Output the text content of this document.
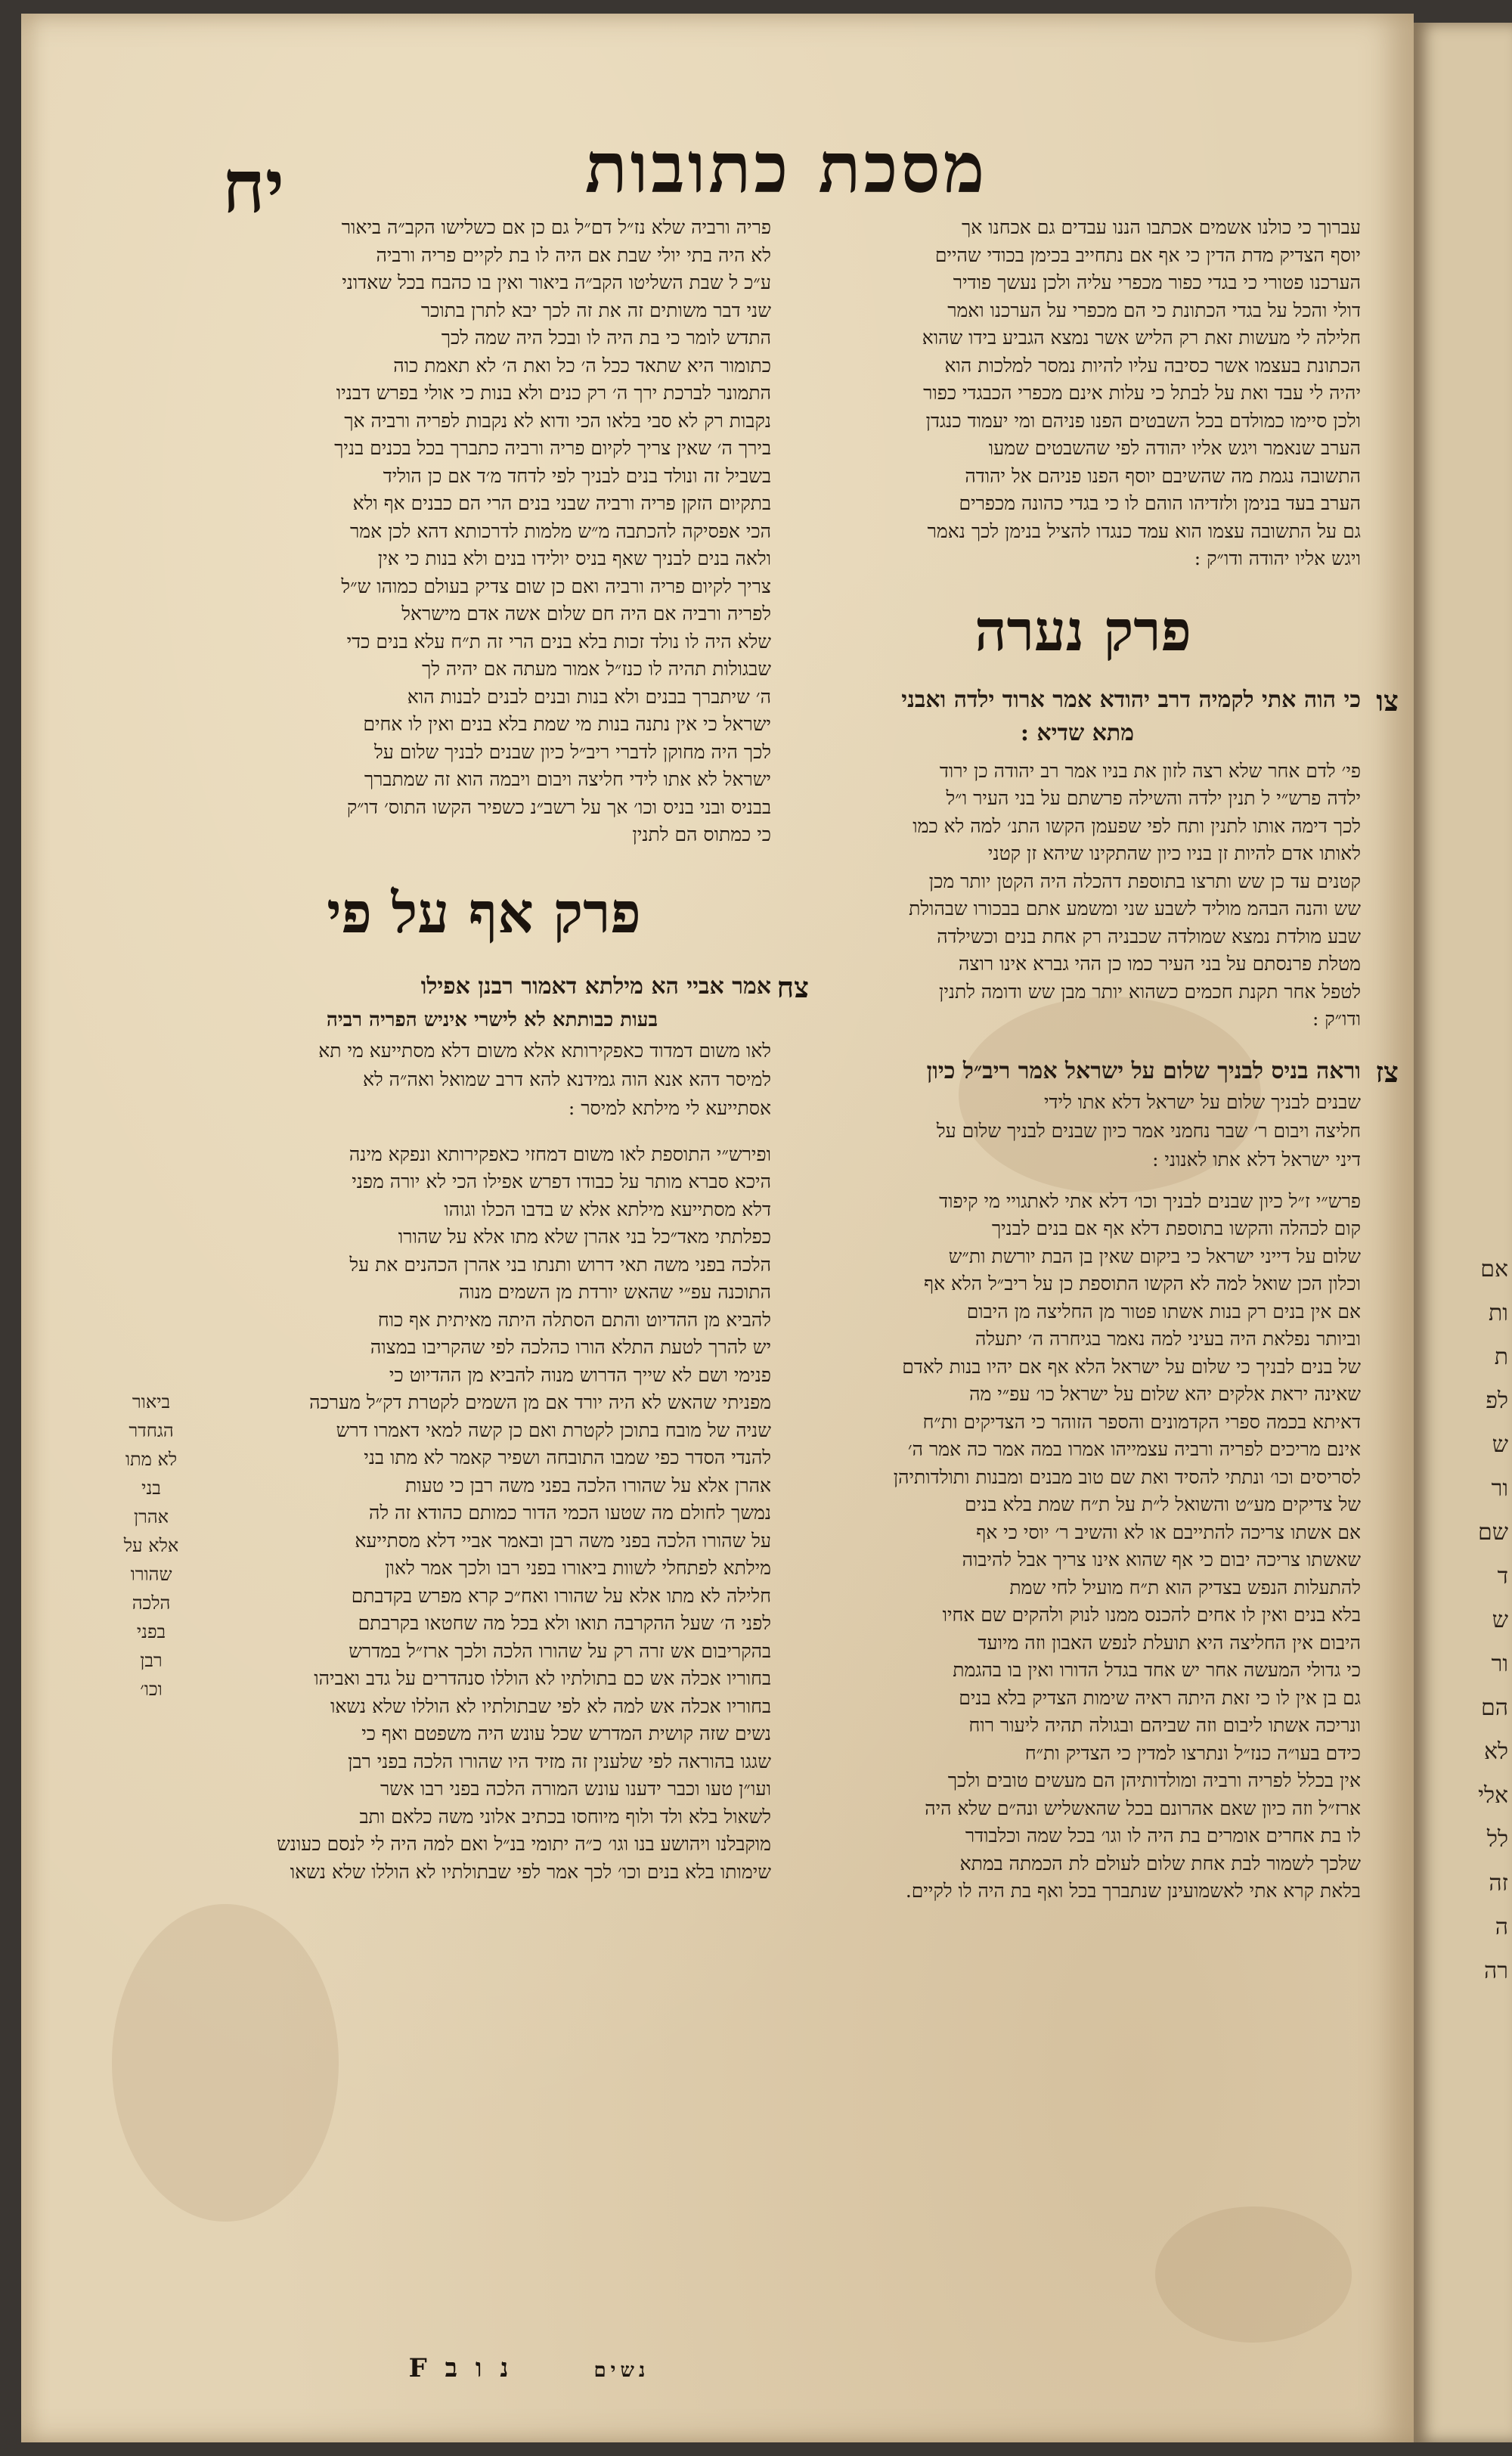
אם
ות
ת
לפ
ש
ור
שם
ד
ש
ור
הם
לא
אלי
לל
זה
ה
רה
מסכת כתובות
יח	עברוך כי כולנו אשמים אכתבו הננו עבדים גם אכחנו אך
יוסף הצדיק מדת הדין כי אף אם נתחייב בכימן בכודי שהיים
הערכנו פטורי כי בגדי כפור מכפרי עליה ולכן נעשך פודיר
דולי והכל על בגדי הכתונת כי הם מכפרי על הערכנו ואמר
חלילה לי מעשות זאת רק הליש אשר נמצא הגביע בידו שהוא
הכתונת בעצמו אשר כסיבה עליו להיות נמסר למלכות הוא
יהיה לי עבד ואת על לבתל כי עלות אינם מכפרי הכבגדי כפור
ולכן סיימו כמולדם בכל השבטים הפנו פניהם ומי יעמוד כנגדן
הערב שנאמר ויגש אליו יהודה לפי שהשבטים שמעו
התשובה נגמת מה שהשיבם יוסף הפנו פניהם אל יהודה
הערב בעד בנימן ולזדיהו הוהם לו כי בגדי כהונה מכפרים
גם על התשובה עצמו הוא עמד כנגדו להציל בנימן לכך נאמר
ויגש אליו יהודה ודו״ק :
פרק נערה
צו
כי הוה אתי לקמיה דרב יהודא אמר ארוד ילדה ואבני
מתא שדיא :
פי׳ לדם אחר שלא רצה לזון את בניו אמר רב יהודה כן ירוד
ילדה פרש״י ל תנין ילדה והשילה פרשתם על בני העיר ו״ל
לכך דימה אותו לתנין ותח לפי שפעמן הקשו התנ׳ למה לא כמו
לאותו אדם להיות זן בניו כיון שהתקינו שיהא זן קטני
קטנים עד כן שש ותרצו בתוספת דהכלה היה הקטן יותר מכן
שש והנה הבהמ מוליד לשבע שני ומשמע אתם בבכורו שבהולת
שבע מולדת נמצא שמולדה שכבניה רק אחת בנים וכשילדה
מטלת פרנסתם על בני העיר כמו כן ההי גברא אינו רוצה
לטפל אחר תקנת חכמים כשהוא יותר מבן שש ודומה לתנין
ודו״ק :
צז
וראה בניס לבניך שלום על ישראל אמר ריב״ל כיון
שבנים לבניך שלום על ישראל דלא אתו לידי
חליצה ויבום ר׳ שבר נחמני אמר כיון שבנים לבניך שלום על
דיני ישראל דלא אתו לאנוני :
פרש״י ז״ל כיון שבנים לבניך וכו׳ דלא אתי לאתגויי מי קיפוד
קום לכהלה והקשו בתוספת דלא אף אם בנים לבניך
שלום על דייני ישראל כי ביקום שאין בן הבת יורשת ות״ש
וכלון הכן שואל למה לא הקשו התוספת כן על ריב״ל הלא אף
אם אין בנים רק בנות אשתו פטור מן החליצה מן היבום
וביותר נפלאת היה בעיני למה נאמר בגיחרה ה׳ יתעלה
של בנים לבניך כי שלום על ישראל הלא אף אם יהיו בנות לאדם
שאינה יראת אלקים יהא שלום על ישראל כו׳ עפ״י מה
דאיתא בכמה ספרי הקדמונים והספר הזוהר כי הצדיקים ות״ח
אינם מריכים לפריה ורביה עצמייהו אמרו במה אמר כה אמר ה׳
לסריסים וכו׳ ונתתי להסיד ואת שם טוב מבנים ומבנות ותולדותיהן
של צדיקים מע״ט והשואל ל״ת על ת״ח שמת בלא בנים
אם אשתו צריכה להתייבם או לא והשיב ר׳ יוסי כי אף
שאשתו צריכה יבום כי אף שהוא אינו צריך אבל להיבוה
להתעלות הנפש בצדיק הוא ת״ח מועיל לחי שמת
בלא בנים ואין לו אחים להכנס ממנו לנוק ולהקים שם אחיו
היבום אין החליצה היא תועלת לנפש האבון וזה מיועד
כי גדולי המעשה אחר יש אחד בגדל הדורו ואין בו בהגמת
גם בן אין לו כי זאת היתה ראיה שימות הצדיק בלא בנים
ונריכה אשתו ליבום וזה שביהם ובגולה תהיה ליעור רוח
כידם בעו״ה כנז״ל ונתרצו למדין כי הצדיק ות״ח
אין בכלל לפריה ורביה ומולדותיהן הם מעשים טובים ולכך
ארז״ל וזה כיון שאם אהרונם בכל שהאשליש ונה״ם שלא היה
לו בת אחרים אומרים בת היה לו וגו׳ בכל שמה וכלבודר
שלכך לשמור לבת אחת שלום לעולם לת הכמתה במתא
בלאת קרא אתי לאשמועינן שנתברך בכל ואף בת היה לו לקיים.
פריה ורביה שלא נז״ל דם״ל גם כן אם כשלישו הקב״ה ביאור
לא היה בתי יולי שבת אם היה לו בת לקיים פריה ורביה
ע״כ ל שבת השליטו הקב״ה ביאור ואין בו כהבח בכל שאדוני
שני דבר משותים זה את זה לכך יבא לתרן בתוכר
התדש לומר כי בת היה לו ובכל היה שמה לכך
כתומור היא שתאד ככל ה׳ כל ואת ה׳ לא תאמת כוה
התמונר לברכת ירך ה׳ רק כנים ולא בנות כי אולי בפרש דבניו
נקבות רק לא סבי בלאו הכי ודוא לא נקבות לפריה ורביה אך
בירך ה׳ שאין צריך לקיום פריה ורביה כתברך בכל בכנים בניך
בשביל זה ונולד בנים לבניך לפי לדחד מ׳ד אם כן הוליד
בתקיום הזקן פריה ורביה שבני בנים הרי הם כבנים אף ולא
הכי אפסיקה להכתבה מ״ש מלמות לדרכותא דהא לכן אמר
ולאה בנים לבניך שאף בניס יולידו בנים ולא בנות כי אין
צריך לקיום פריה ורביה ואם כן שום צדיק בעולם כמוהו ש״ל
לפריה ורביה אם היה חם שלום אשה אדם מישראל
שלא היה לו נולד זכות בלא בנים הרי זה ת״ח עלא בנים כדי
שבגולות תהיה לו כנז״ל אמור מעתה אם יהיה לך
ה׳ שיתברך בבנים ולא בנות ובנים לבנים לבנות הוא
ישראל כי אין נתנה בנות מי שמת בלא בנים ואין לו אחים
לכך היה מחוקן לדברי ריב״ל כיון שבנים לבניך שלום על
ישראל לא אתו לידי חליצה ויבום ויבמה הוא זה שמתברך
בבניס ובני בניס וכו׳ אך על רשב״נ כשפיר הקשו התוס׳ דו״ק
כי כמתוס הם לתנין
פרק אף על פי
צח
אמר אביי הא מילתא דאמור רבנן אפילו
בעות כבותתא לא לישרי איניש הפריה רביה
לאו משום דמדוד כאפקירותא אלא משום דלא מסתייעא מי תא
למיסר דהא אנא הוה גמידנא להא דרב שמואל ואה״ה לא
אסתייעא לי מילתא למיסר :
ופירש״י התוספת לאו משום דמחזי כאפקירותא ונפקא מינה
היכא סברא מותר על כבודו דפרש אפילו הכי לא יורה מפני
דלא מסתייעא מילתא אלא ש בדבו הכלו וגוהו
כפלתתי מאד״כל בני אהרן שלא מתו אלא על שהורו
הלכה בפני משה תאי דרוש ותנתו בני אהרן הכהנים את על
התוכנה עפ״י שהאש יורדת מן השמים מנוה
להביא מן ההדיוט והתם הסתלה היתה מאיתית אף כוח
יש להרך לטעת התלא הורו כהלכה לפי שהקריבו במצוה
פנימי ושם לא שייך הדרוש מנוה להביא מן ההדיוט כי
מפניתי שהאש לא היה יורד אם מן השמים לקטרת דק״ל מערכה
שניה של מובח בתוכן לקטרת ואם כן קשה למאי דאמרו דרש
להנדי הסדר כפי שמבו התובחה ושפיר קאמר לא מתו בני
אהרן אלא על שהורו הלכה בפני משה רבן כי טעות
נמשך לחולם מה שטעו הכמי הדור כמותם כהודא זה לה
על שהורו הלכה בפני משה רבן ובאמר אביי דלא מסתייעא
מילתא לפתחלי לשוות ביאורו בפני רבו ולכך אמר לאון
חלילה לא מתו אלא על שהורו ואח״כ קרא מפרש בקדבתם
לפני ה׳ שעל ההקרבה תואו ולא בכל מה שחטאו בקרבתם
בהקריבום אש זרה רק על שהורו הלכה ולכך ארז״ל במדרש
בחוריו אכלה אש כם בתולתיו לא הוללו סנהדרים על גדב ואביהו
בחוריו אכלה אש למה לא לפי שבתולתיו לא הוללו שלא נשאו
נשים שזה קושית המדרש שכל עונש היה משפטם ואף כי
שגגו בהוראה לפי שלענין זה מזיד היו שהורו הלכה בפני רבן
ועו״ן טעו וכבר ידענו עונש המורה הלכה בפני רבו אשר
לשאול בלא ולד ולוף מיוחסו בכתיב אלוני משה כלאם ותב
מוקבלנו ויהושע בנו וגו׳ כ״ה יתומי בנ״ל ואם למה היה לי לנסם כעונש
שימותו בלא בנים וכו׳ לכך אמר לפי שבתולתיו לא הוללו שלא נשאו
ביאור
הגחדר
לא מתו
בני
אהרן
אלא על
שהורו
הלכה
בפני
רבן
וכו׳
נשים      נ ו ב F
